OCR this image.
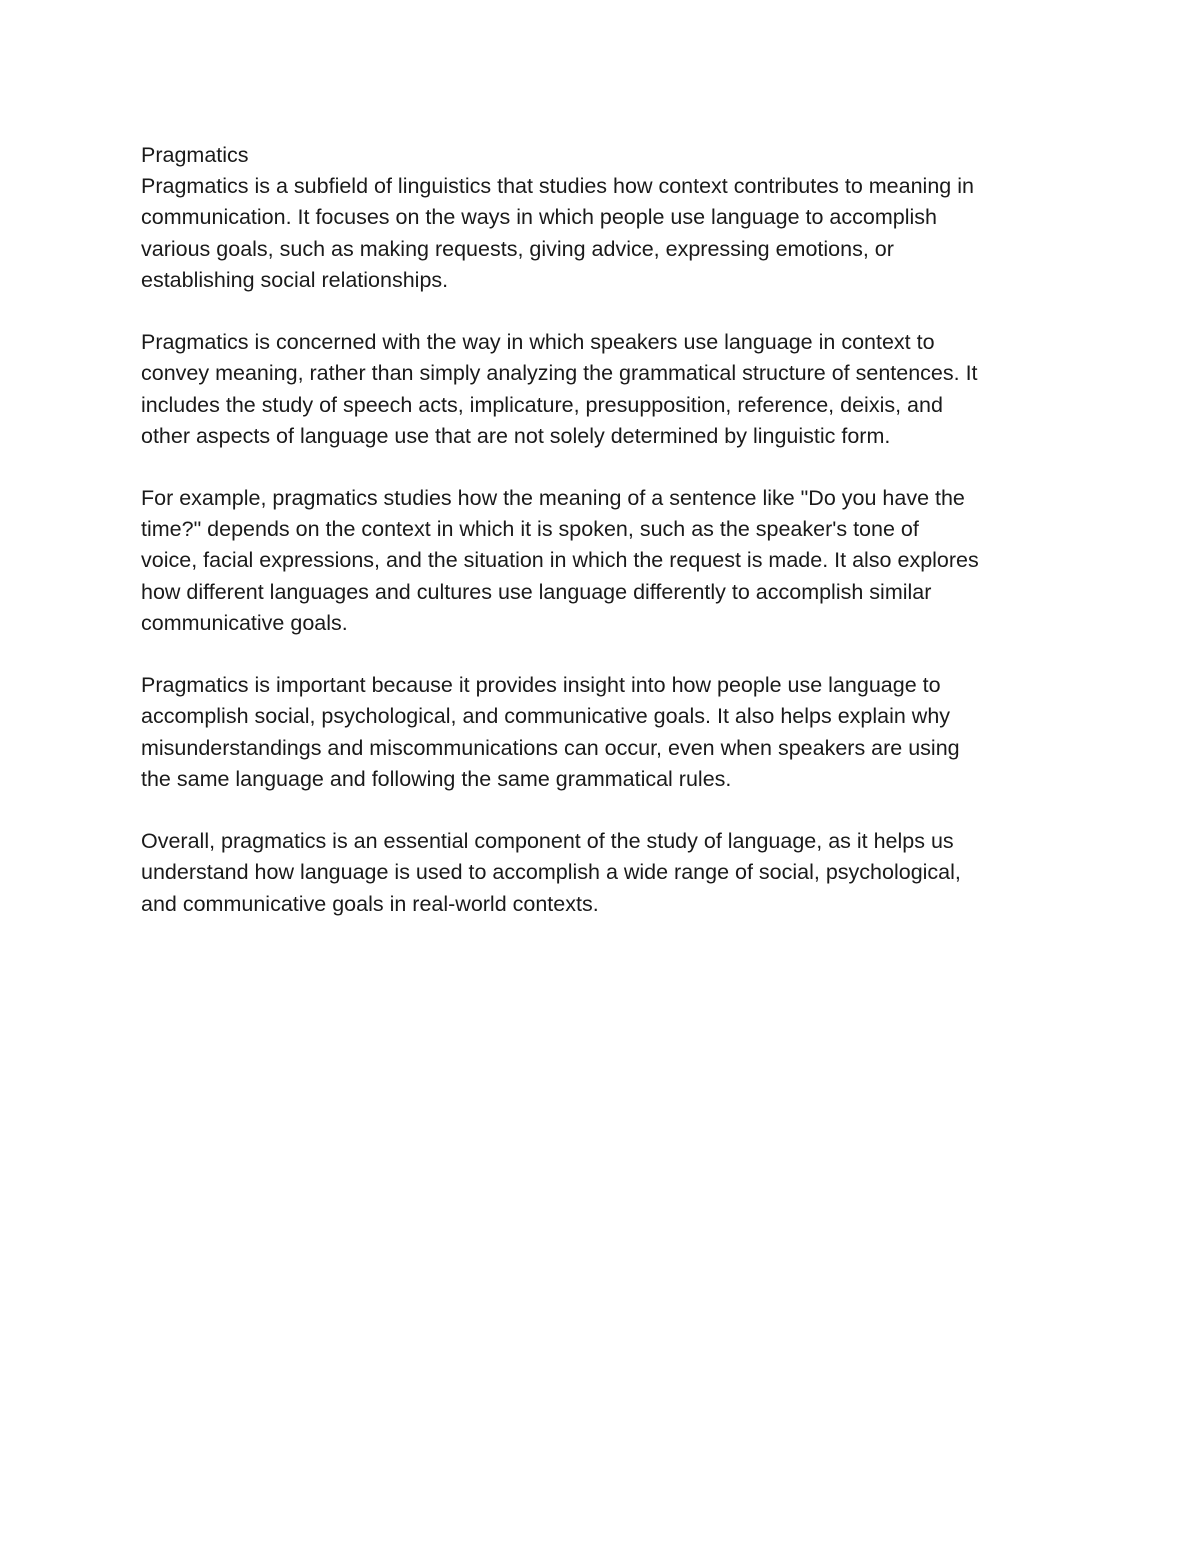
Pragmatics
Pragmatics is a subfield of linguistics that studies how context contributes to meaning in
communication. It focuses on the ways in which people use language to accomplish
various goals, such as making requests, giving advice, expressing emotions, or
establishing social relationships.
Pragmatics is concerned with the way in which speakers use language in context to
convey meaning, rather than simply analyzing the grammatical structure of sentences. It
includes the study of speech acts, implicature, presupposition, reference, deixis, and
other aspects of language use that are not solely determined by linguistic form.
For example, pragmatics studies how the meaning of a sentence like "Do you have the
time?" depends on the context in which it is spoken, such as the speaker's tone of
voice, facial expressions, and the situation in which the request is made. It also explores
how different languages and cultures use language differently to accomplish similar
communicative goals.
Pragmatics is important because it provides insight into how people use language to
accomplish social, psychological, and communicative goals. It also helps explain why
misunderstandings and miscommunications can occur, even when speakers are using
the same language and following the same grammatical rules.
Overall, pragmatics is an essential component of the study of language, as it helps us
understand how language is used to accomplish a wide range of social, psychological,
and communicative goals in real-world contexts.
